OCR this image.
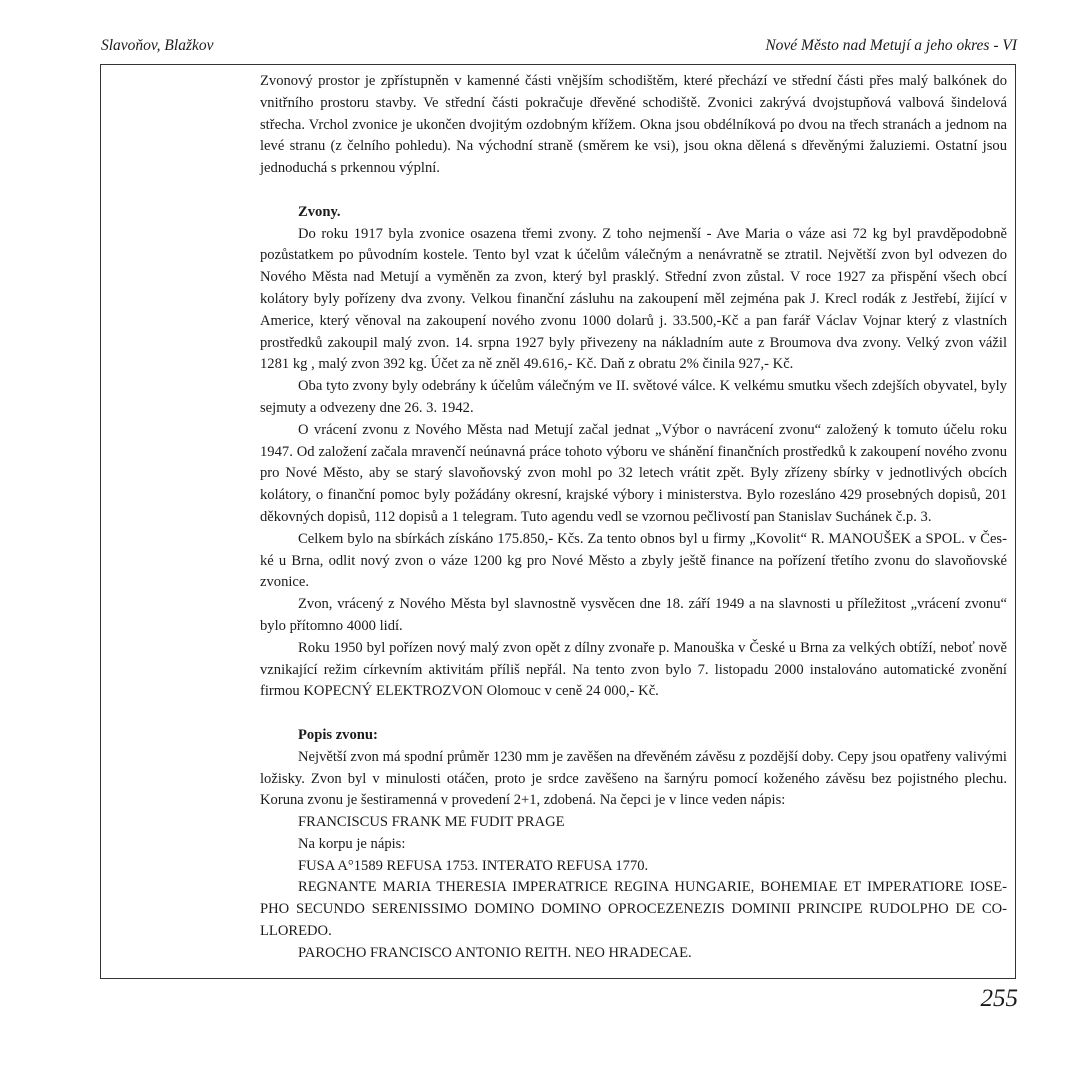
Slavoňov, Blažkov	Nové Město nad Metují a jeho okres - VI

Zvonový prostor je zpřístupněn v kamenné části vnějším schodištěm, které přechází ve střední části přes malý balkónek do vnitřního prostoru stavby. Ve střední části pokračuje dřevěné schodiště. Zvonici zakrývá dvojstupňová valbová šindelová střecha. Vrchol zvonice je ukončen dvojitým ozdobným křížem. Okna jsou obdélníková po dvou na třech stranách a jednom na levé stranu (z čelního pohledu). Na východní straně (směrem ke vsi), jsou okna dělená s dřevěnými žaluziemi. Ostatní jsou jednoduchá s prkennou výplní.

Zvony.

Do roku 1917 byla zvonice osazena třemi zvony. Z toho nejmenší - Ave Maria o váze asi 72 kg byl pravděpodobně pozůstatkem po původním kostele. Tento byl vzat k účelům válečným a nenávratně se ztratil. Největší zvon byl odvezen do Nového Města nad Metují a vyměněn za zvon, který byl prasklý. Střední zvon zůstal. V roce 1927 za přispění všech obcí kolátory byly pořízeny dva zvony. Velkou finanční zásluhu na zakoupení měl zejména pak J. Krecl rodák z Jestřebí, žijící v Americe, který věnoval na zakoupení nového zvonu 1000 dolarů j. 33.500,-Kč a pan farář Václav Vojnar který z vlastních prostředků zakoupil malý zvon. 14. srpna 1927 byly přivezeny na nákladním aute z Broumova dva zvony. Velký zvon vážil 1281 kg , malý zvon 392 kg. Účet za ně zněl 49.616,- Kč. Daň z obratu 2% činila 927,- Kč.

Oba tyto zvony byly odebrány k účelům válečným ve II. světové válce. K velkému smutku všech zdejších obyvatel, byly sejmuty a odvezeny dne 26. 3. 1942.

O vrácení zvonu z Nového Města nad Metují začal jednat „Výbor o navrácení zvonu“ založený k tomuto účelu roku 1947. Od založení začala mravenčí neúnavná práce tohoto výboru ve shánění finančních prostředků k zakoupení nového zvonu pro Nové Město, aby se starý slavoňovský zvon mohl po 32 letech vrátit zpět. Byly zřízeny sbírky v jednotlivých obcích kolátory, o finanční pomoc byly požádány okresní, krajské výbory i ministerstva. Bylo rozesláno 429 prosebných dopisů, 201 děkovných dopisů, 112 dopisů a 1 telegram. Tuto agendu vedl se vzornou pečlivostí pan Stanislav Suchánek č.p. 3.

Celkem bylo na sbírkách získáno 175.850,- Kčs. Za tento obnos byl u firmy „Kovolit“ R. MANOUŠEK a SPOL. v České u Brna, odlit nový zvon o váze 1200 kg pro Nové Město a zbyly ještě finance na pořízení třetího zvonu do slavoňovské zvonice.

Zvon, vrácený z Nového Města byl slavnostně vysvěcen dne 18. září 1949 a na slavnosti u příležitost „vrácení zvonu“ bylo přítomno 4000 lidí.

Roku 1950 byl pořízen nový malý zvon opět z dílny zvonaře p. Manouška v České u Brna za velkých obtíží, neboť nově vznikající režim církevním aktivitám příliš nepřál. Na tento zvon bylo 7. listopadu 2000 instalováno automatické zvonění firmou KOPECNÝ ELEKTROZVON Olomouc v ceně 24 000,- Kč.

Popis zvonu:

Největší zvon má spodní průměr 1230 mm je zavěšen na dřevěném závěsu z pozdější doby. Cepy jsou opatřeny valivými ložisky. Zvon byl v minulosti otáčen, proto je srdce zavěšeno na šarnýru pomocí koženého závěsu bez pojistného plechu. Koruna zvonu je šestiramenná v provedení 2+1, zdobená. Na čepci je v lince veden nápis:

FRANCISCUS FRANK ME FUDIT PRAGE

Na korpu je nápis:

FUSA A°1589 REFUSA 1753. INTERATO REFUSA 1770.

REGNANTE MARIA THERESIA IMPERATRICE REGINA HUNGARIE, BOHEMIAE ET IMPERATIORE IOSEPHO SECUNDO SERENISSIMO DOMINO DOMINO OPROCEZENEZIS DOMINII PRINCIPE RUDOLPHO DE COLLOREDO.

PAROCHO FRANCISCO ANTONIO REITH. NEO HRADECAE.

255
